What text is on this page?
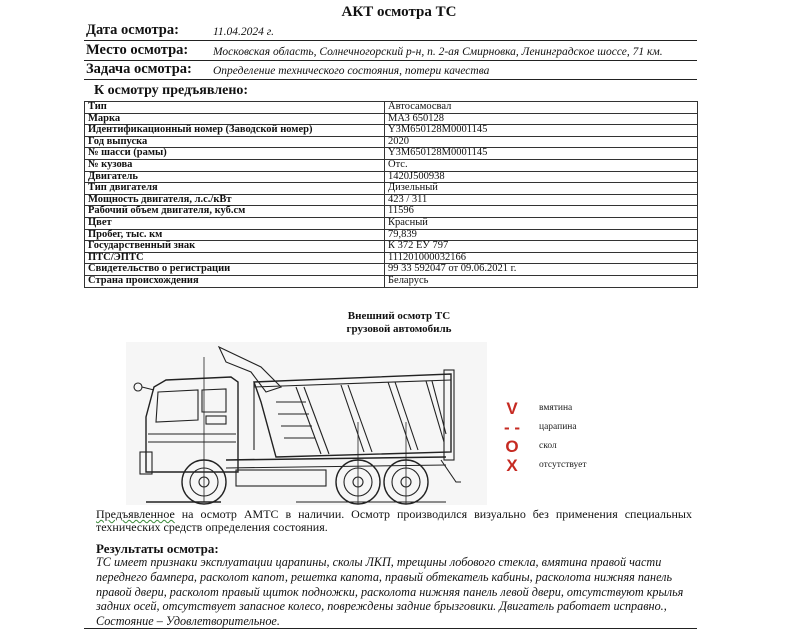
АКТ осмотра ТС
Дата осмотра:	11.04.2024 г.
Место осмотра: Московская область, Солнечногорский р-н, п. 2-ая Смирновка, Ленинградское шоссе, 71 км.
Задача осмотра: Определение технического состояния, потери качества
К осмотру предъявлено:
Тип	Автосамосвал
Марка	МАЗ 650128
Идентификационный номер (Заводской номер)	Y3M650128M0001145
Год выпуска	2020
№ шасси (рамы)	Y3M650128M0001145
№ кузова	Отс.
Двигатель	1420J500938
Тип двигателя	Дизельный
Мощность двигателя, л.с./кВт	423 / 311
Рабочий объем двигателя, куб.см	11596
Цвет	Красный
Пробег, тыс. км	79,839
Государственный знак	К 372 ЕУ 797
ПТС/ЭПТС	111201000032166
Свидетельство о регистрации	99 33 592047 от 09.06.2021 г.
Страна происхождения	Беларусь
Внешний осмотр ТС
грузовой автомобиль
V	вмятина
- - царапина
O скол
X	отсутствует
Предъявленное на осмотр АМТС в наличии. Осмотр производился визуально без применения специальных технических средств определения состояния.
Результаты осмотра:
ТС имеет признаки эксплуатации царапины, сколы ЛКП, трещины лобового стекла, вмятина правой части переднего бампера, расколот капот, решетка капота, правый обтекатель кабины, расколота нижняя панель правой двери, расколот правый щиток подножки, расколота нижняя панель левой двери, отсутствуют крылья задних осей, отсутствует запасное колесо, повреждены задние брызговики. Двигатель работает исправно., Состояние – Удовлетворительное.
